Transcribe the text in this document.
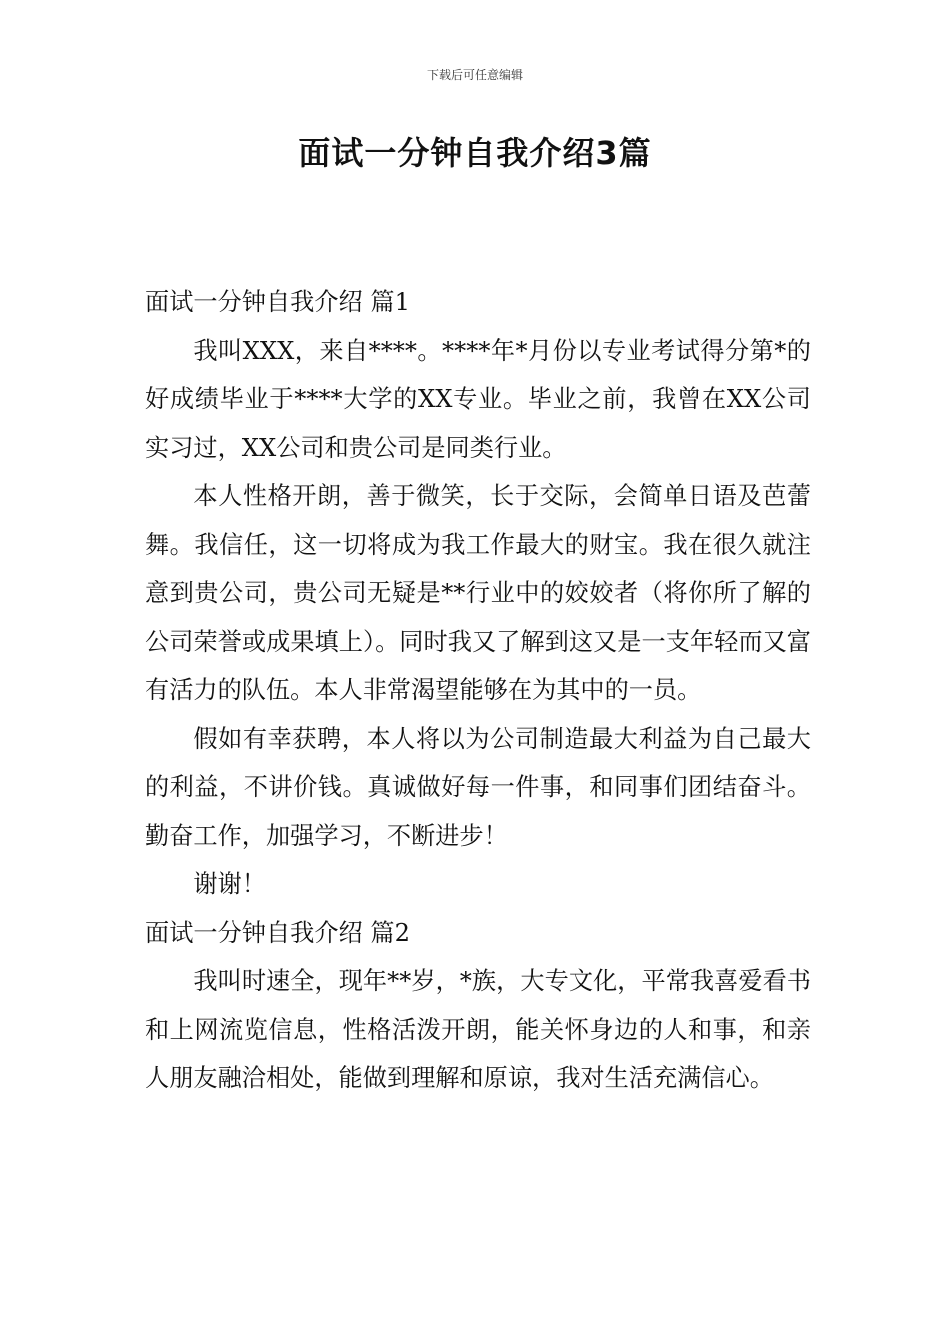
下载后可任意编辑
面试一分钟自我介绍3篇

面试一分钟自我介绍 篇1

我叫XXX，来自****。****年*月份以专业考试得分第*的好成绩毕业于****大学的XX专业。毕业之前，我曾在XX公司实习过，XX公司和贵公司是同类行业。

本人性格开朗，善于微笑，长于交际，会简单日语及芭蕾舞。我信任，这一切将成为我工作最大的财宝。我在很久就注意到贵公司，贵公司无疑是**行业中的姣姣者（将你所了解的公司荣誉或成果填上）。同时我又了解到这又是一支年轻而又富有活力的队伍。本人非常渴望能够在为其中的一员。

假如有幸获聘，本人将以为公司制造最大利益为自己最大的利益，不讲价钱。真诚做好每一件事，和同事们团结奋斗。勤奋工作，加强学习，不断进步！

谢谢！

面试一分钟自我介绍 篇2

我叫时速全，现年**岁，*族，大专文化，平常我喜爱看书和上网流览信息，性格活泼开朗，能关怀身边的人和事，和亲人朋友融洽相处，能做到理解和原谅，我对生活充满信心。
